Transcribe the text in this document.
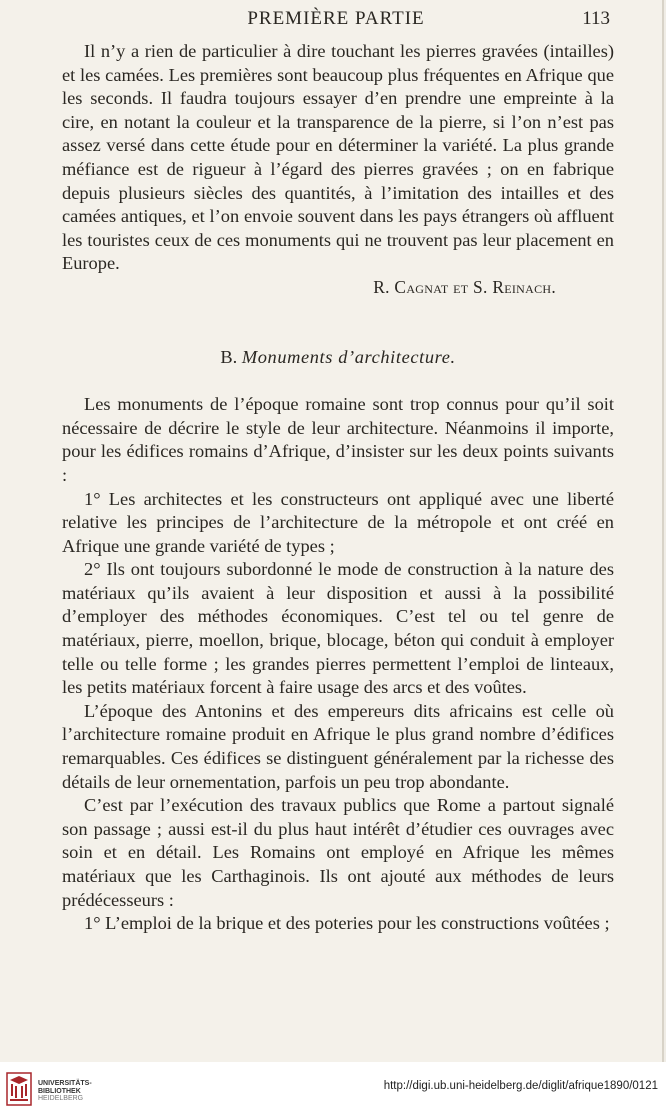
PREMIÈRE PARTIE	113

Il n’y a rien de particulier à dire touchant les pierres gravées (intailles) et les camées. Les premières sont beaucoup plus fréquentes en Afrique que les seconds. Il faudra toujours essayer d’en prendre une empreinte à la cire, en notant la couleur et la transparence de la pierre, si l’on n’est pas assez versé dans cette étude pour en déterminer la variété. La plus grande méfiance est de rigueur à l’égard des pierres gravées ; on en fabrique depuis plusieurs siècles des quantités, à l’imitation des intailles et des camées antiques, et l’on envoie souvent dans les pays étrangers où affluent les touristes ceux de ces monuments qui ne trouvent pas leur placement en Europe.

R. Cagnat et S. Reinach.

B. Monuments d’architecture.

Les monuments de l’époque romaine sont trop connus pour qu’il soit nécessaire de décrire le style de leur architecture. Néanmoins il importe, pour les édifices romains d’Afrique, d’insister sur les deux points suivants :

1° Les architectes et les constructeurs ont appliqué avec une liberté relative les principes de l’architecture de la métropole et ont créé en Afrique une grande variété de types ;

2° Ils ont toujours subordonné le mode de construction à la nature des matériaux qu’ils avaient à leur disposition et aussi à la possibilité d’employer des méthodes économiques. C’est tel ou tel genre de matériaux, pierre, moellon, brique, blocage, béton qui conduit à employer telle ou telle forme ; les grandes pierres permettent l’emploi de linteaux, les petits matériaux forcent à faire usage des arcs et des voûtes.

L’époque des Antonins et des empereurs dits africains est celle où l’architecture romaine produit en Afrique le plus grand nombre d’édifices remarquables. Ces édifices se distinguent généralement par la richesse des détails de leur ornementation, parfois un peu trop abondante.

C’est par l’exécution des travaux publics que Rome a partout signalé son passage ; aussi est-il du plus haut intérêt d’étudier ces ouvrages avec soin et en détail. Les Romains ont employé en Afrique les mêmes matériaux que les Carthaginois. Ils ont ajouté aux méthodes de leurs prédécesseurs :

1° L’emploi de la brique et des poteries pour les constructions voûtées ;

UNIVERSITÄTS-
BIBLIOTHEK
HEIDELBERG
http://digi.ub.uni-heidelberg.de/diglit/afrique1890/0121
